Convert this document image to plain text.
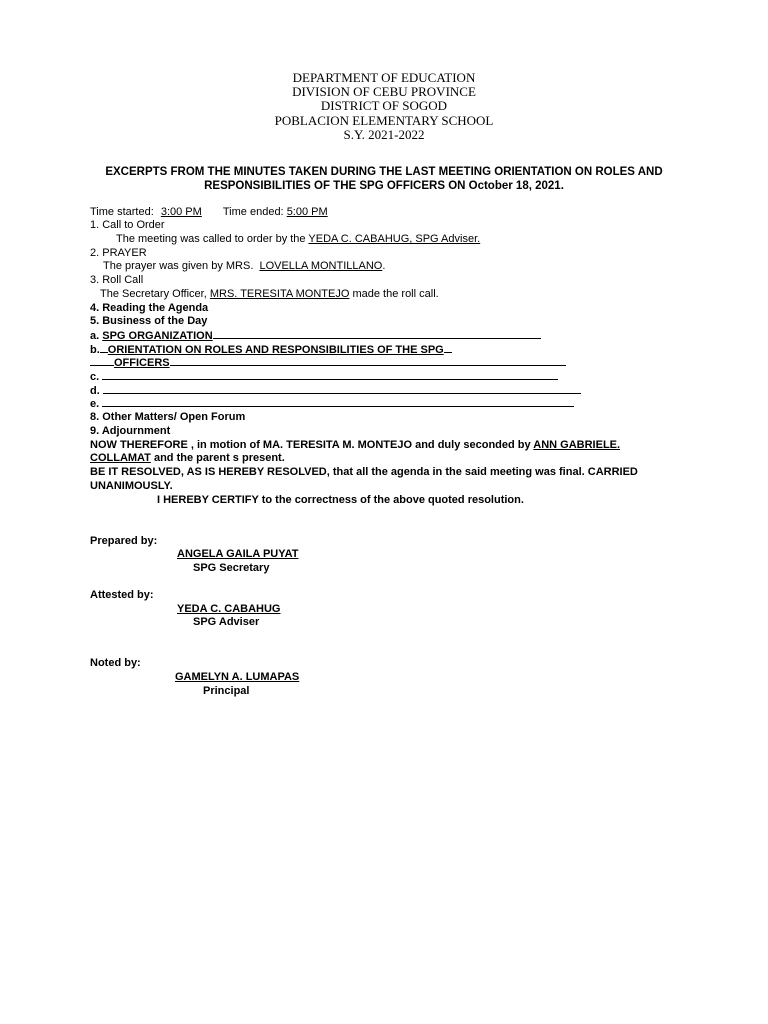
DEPARTMENT OF EDUCATION
DIVISION OF CEBU PROVINCE
DISTRICT OF SOGOD
POBLACION ELEMENTARY SCHOOL
S.Y. 2021-2022
EXCERPTS FROM THE MINUTES TAKEN DURING THE LAST MEETING ORIENTATION ON ROLES AND
RESPONSIBILITIES OF THE SPG OFFICERS ON October 18, 2021.
Time started: 3:00 PM Time ended: 5:00 PM
1. Call to Order
The meeting was called to order by the YEDA C. CABAHUG, SPG Adviser.
2. PRAYER
The prayer was given by MRS. LOVELLA MONTILLANO.
3. Roll Call
The Secretary Officer, MRS. TERESITA MONTEJO made the roll call.
4. Reading the Agenda
5. Business of the Day
a. SPG ORGANIZATION
b. ORIENTATION ON ROLES AND RESPONSIBILITIES OF THE SPG
OFFICERS
c.
d.
e.
8. Other Matters/ Open Forum
9. Adjournment
NOW THEREFORE , in motion of MA. TERESITA M. MONTEJO and duly seconded by ANN GABRIELE.
COLLAMAT and the parent s present.
BE IT RESOLVED, AS IS HEREBY RESOLVED, that all the agenda in the said meeting was final. CARRIED
UNANIMOUSLY.
I HEREBY CERTIFY to the correctness of the above quoted resolution.
Prepared by:
ANGELA GAILA PUYAT
SPG Secretary
Attested by:
YEDA C. CABAHUG
SPG Adviser
Noted by:
GAMELYN A. LUMAPAS
Principal
